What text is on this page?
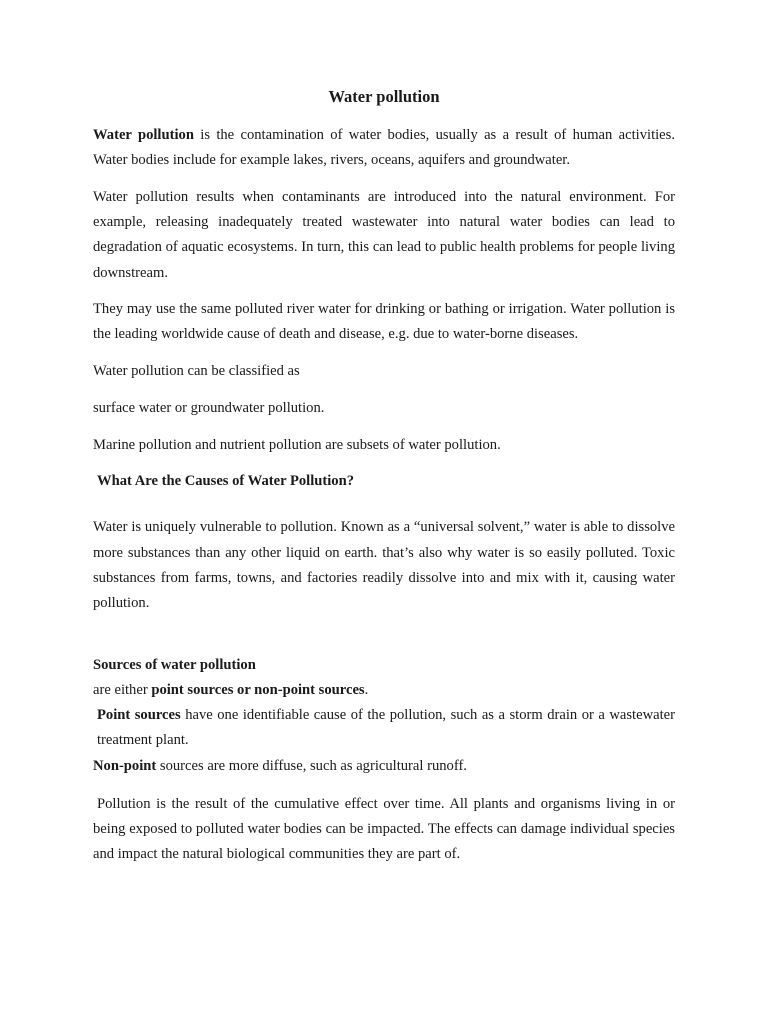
Water pollution

Water pollution is the contamination of water bodies, usually as a result of human activities. Water bodies include for example lakes, rivers, oceans, aquifers and groundwater.

Water pollution results when contaminants are introduced into the natural environment. For example, releasing inadequately treated wastewater into natural water bodies can lead to degradation of aquatic ecosystems. In turn, this can lead to public health problems for people living downstream.

They may use the same polluted river water for drinking or bathing or irrigation. Water pollution is the leading worldwide cause of death and disease, e.g. due to water-borne diseases.

Water pollution can be classified as

surface water or groundwater pollution.

Marine pollution and nutrient pollution are subsets of water pollution.

What Are the Causes of Water Pollution?

Water is uniquely vulnerable to pollution. Known as a “universal solvent,” water is able to dissolve more substances than any other liquid on earth. that’s also why water is so easily polluted. Toxic substances from farms, towns, and factories readily dissolve into and mix with it, causing water pollution.

Sources of water pollution
are either point sources or non-point sources.

Point sources have one identifiable cause of the pollution, such as a storm drain or a wastewater treatment plant.

Non-point sources are more diffuse, such as agricultural runoff.

Pollution is the result of the cumulative effect over time. All plants and organisms living in or being exposed to polluted water bodies can be impacted. The effects can damage individual species and impact the natural biological communities they are part of.
